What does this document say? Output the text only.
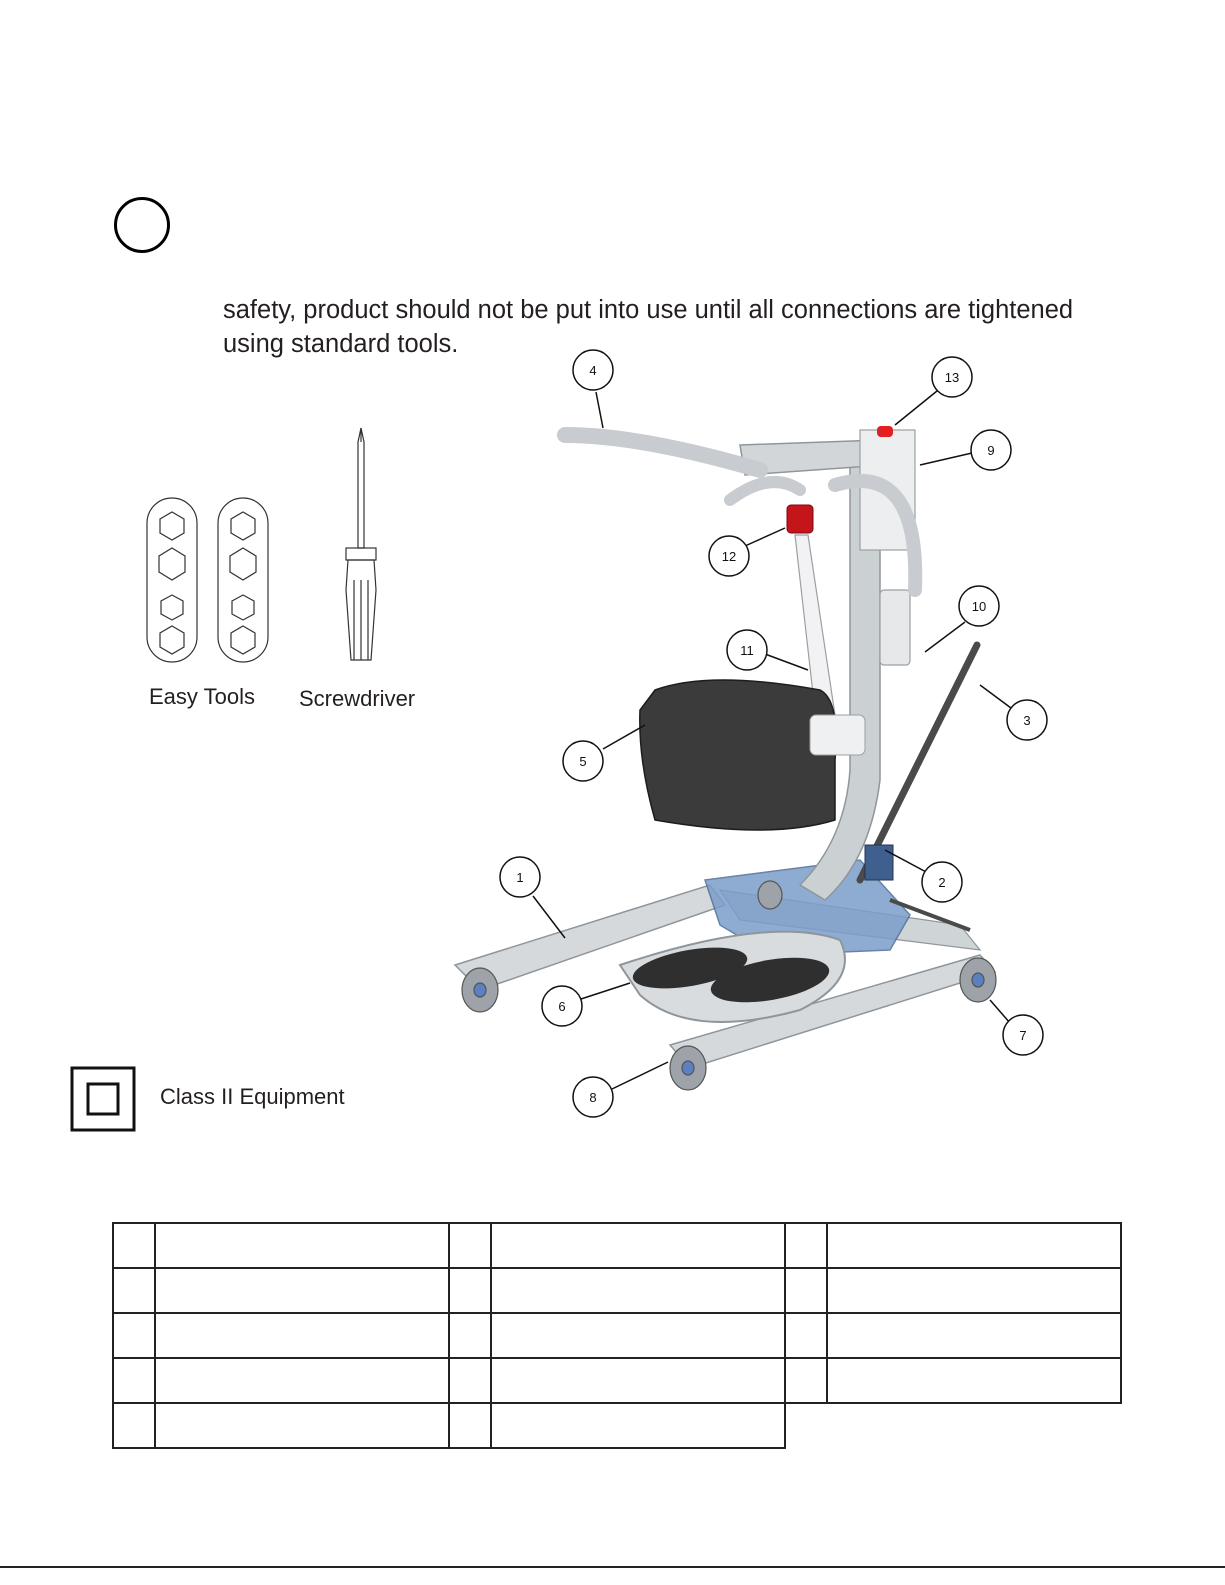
safety, product should not be put into use until all connections are tightened
using standard tools.

Easy Tools Screwdriver
Class II Equipment
1	2
3
4
5
6
7
8
9
10
11
12
13
